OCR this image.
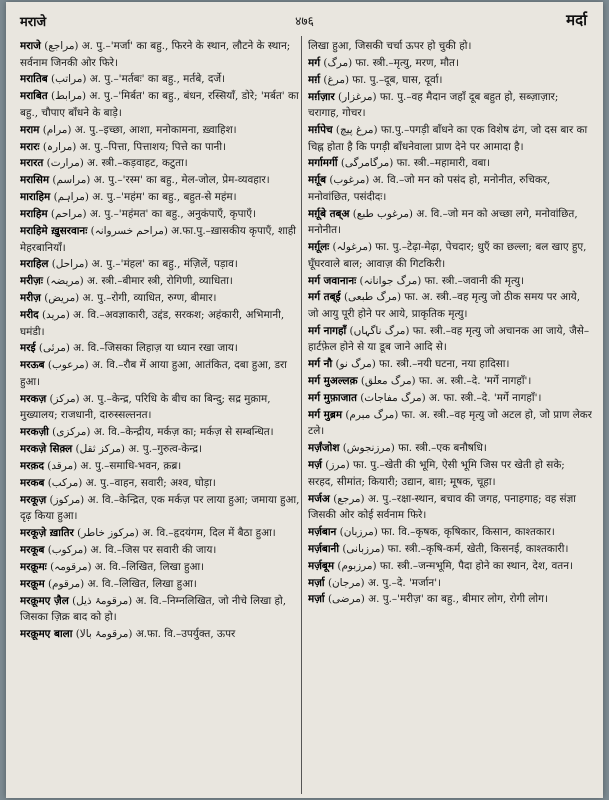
मराजे	४७६	मर्दा
मराजे (مراجع) अ. पु.–'मर्जा' का बहु., फिरने के स्थान, लौटने के स्थान; सर्वनाम जिनकी ओर फिरे।
मरातिब (مراتب) अ. पु.–'मर्तबः' का बहु., मर्तबे, दर्जे।
मराबित (مرابط) अ. पु.–'मिर्बत' का बहु., बंधन, रस्सियाँ, डोरे; 'मर्बत' का बहु., चौपाए बाँधने के बाड़े।
मराम (مرام) अ. पु.–इच्छा, आशा, मनोकामना, ख़्वाहिश।
मरारः (مرارہ) अ. पु.–पित्ता, पित्ताशय; पित्ते का पानी।
मरारत (مرارت) अ. स्त्री.–कड़वाहट, कटुता।
मरासिम (مراسم) अ. पु.–'रस्म' का बहु., मेल-जोल, प्रेम-व्यवहार।
माराहिम (مراہم) अ. पु.–'महंम' का बहु., बहुत-से महंम।
मराहिम (مراحم) अ. पु.–'महंमत' का बहु., अनुकंपाएँ, कृपाएँ।
मराहिमे ख़ुसरवानः (مراحم خسروانہ) अ.फा.पु.–ख़ासकीय कृपाएँ, शाही मेहरबानियाँ।
मराहिल (مراحل) अ. पु.–'मंहल' का बहु., मंज़िलें, पड़ाव।
मरीज़ः (مریضہ) अ. स्त्री.–बीमार स्त्री, रोगिणी, व्याधिता।
मरीज़ (مریض) अ. पु.–रोगी, व्याधित, रुग्ण, बीमार।
मरीद (مرید) अ. वि.–अवज्ञाकारी, उद्दंड, सरकश; अहंकारी, अभिमानी, घमंडी।
मरई (مرئی) अ. वि.–जिसका लिहाज़ या ध्यान रखा जाय।
मरऊब (مرعوب) अ. वि.–रौब में आया हुआ, आतंकित, दबा हुआ, डरा हुआ।
मरकज़ (مرکز) अ. पु.–केन्द्र, परिधि के बीच का बिन्दु; सद्र मुक़ाम, मुख्यालय; राजधानी, दारुस्सल्तनत।
मरकज़ी (مرکزی) अ. वि.–केन्द्रीय, मर्कज़ का; मर्कज़ से सम्बन्धित।
मरकज़े सिक़्ल (مرکز ثقل) अ. पु.–गुरुत्व-केन्द्र।
मरक़द (مرقد) अ. पु.–समाधि-भवन, क़ब्र।
मरकब (مرکب) अ. पु.–वाहन, सवारी; अश्व, घोड़ा।
मरकूज़ (مرکوز) अ. वि.–केन्द्रित, एक मर्कज़ पर लाया हुआ; जमाया हुआ, दृढ़ किया हुआ।
मरकूज़े ख़ातिर (مرکوز خاطر) अ. वि.–हृदयंगम, दिल में बैठा हुआ।
मरकूब (مرکوب) अ. वि.–जिस पर सवारी की जाय।
मरक़ूमः (مرقومہ) अ. वि.–लिखित, लिखा हुआ।
मरक़ूम (مرقوم) अ. वि.–लिखित, लिखा हुआ।
मरक़ूमए ज़ैल (مرقومۂ ذیل) अ. वि.–निम्नलिखित, जो नीचे लिखा हो, जिसका ज़िक्र बाद को हो।
मरक़ूमए बाला (مرقومۂ بالا) अ.फा. वि.–उपर्युक्त, ऊपर
लिखा हुआ, जिसकी चर्चा ऊपर हो चुकी हो।
मर्ग (مرگ) फा. स्त्री.–मृत्यु, मरण, मौत।
मर्ग़ (مرغ) फा. पु.–दूब, घास, दूर्वा।
मर्ग़ज़ार (مرغزار) फा. पु.–वह मैदान जहाँ दूब बहुत हो, सब्ज़ाज़ार; चरागाह, गोचर।
मर्ग़पेच (مرغ پیچ) फा.पु.–पगड़ी बाँधने का एक विशेष ढंग, जो दस बार का चिह्न होता है कि पगड़ी बाँधनेवाला प्राण देने पर आमादा है।
मर्गामर्गी (مرگامرگی) फा. स्त्री.–महामारी, वबा।
मर्ग़ूब (مرغوب) अ. वि.–जो मन को पसंद हो, मनोनीत, रुचिकर, मनोवांछित, पसंदीदः।
मर्ग़ूबे तब्अ (مرغوب طبع) अ. वि.–जो मन को अच्छा लगे, मनोवांछित, मनोनीत।
मर्ग़ूलः (مرغولہ) फा. पु.–टेढ़ा-मेढ़ा, पेचदार; धुएँ का छल्ला; बल खाए हुए, घूँघरवाले बाल; आवाज़ की गिटकिरी।
मर्ग जवानानः (مرگ جوانانہ) फा. स्त्री.–जवानी की मृत्यु।
मर्ग तब्ई (مرگ طبعی) फा. अ. स्त्री.–वह मृत्यु जो ठीक समय पर आये, जो आयु पूरी होने पर आये, प्राकृतिक मृत्यु।
मर्ग नागहाँ (مرگ ناگہاں) फा. स्त्री.–वह मृत्यु जो अचानक आ जाये, जैसे–हार्टफ़ेल होने से या डूब जाने आदि से।
मर्ग नौ (مرگ نو) फा. स्त्री.–नयी घटना, नया हादिसा।
मर्ग मुअल्लक़ (مرگ معلق) फा. अ. स्त्री.–दे. 'मर्गे नागहाँ'।
मर्ग मुफ़ाजात (مرگ مفاجات) अ. फा. स्त्री.–दे. 'मर्गे नागहाँ'।
मर्ग मुब्रम (مرگ مبرم) फा. अ. स्त्री.–वह मृत्यु जो अटल हो, जो प्राण लेकर टले।
मर्ज़ंजोश (مرزنجوش) फा. स्त्री.–एक बनौषधि।
मर्ज़ (مرز) फा. पु.–खेती की भूमि, ऐसी भूमि जिस पर खेती हो सके; सरहद, सीमांत; कियारी; उद्यान, बाग़; मूषक, चूहा।
मर्जअ (مرجع) अ. पु.–रक्षा-स्थान, बचाव की जगह, पनाहगाह; वह संज्ञा जिसकी ओर कोई सर्वनाम फिरे।
मर्ज़बान (مرزبان) फा. वि.–कृषक, कृषिकार, किसान, काश्तकार।
मर्ज़बानी (مرزبانی) फा. स्त्री.–कृषि-कर्म, खेती, किसनई, काश्तकारी।
मर्ज़बूम (مرزبوم) फा. स्त्री.–जन्मभूमि, पैदा होने का स्थान, देश, वतन।
मर्ज़ा (مرجان) अ. पु.–दे. 'मर्जान'।
मर्ज़ा (مرضی) अ. पु.–'मरीज़' का बहु., बीमार लोग, रोगी लोग।
